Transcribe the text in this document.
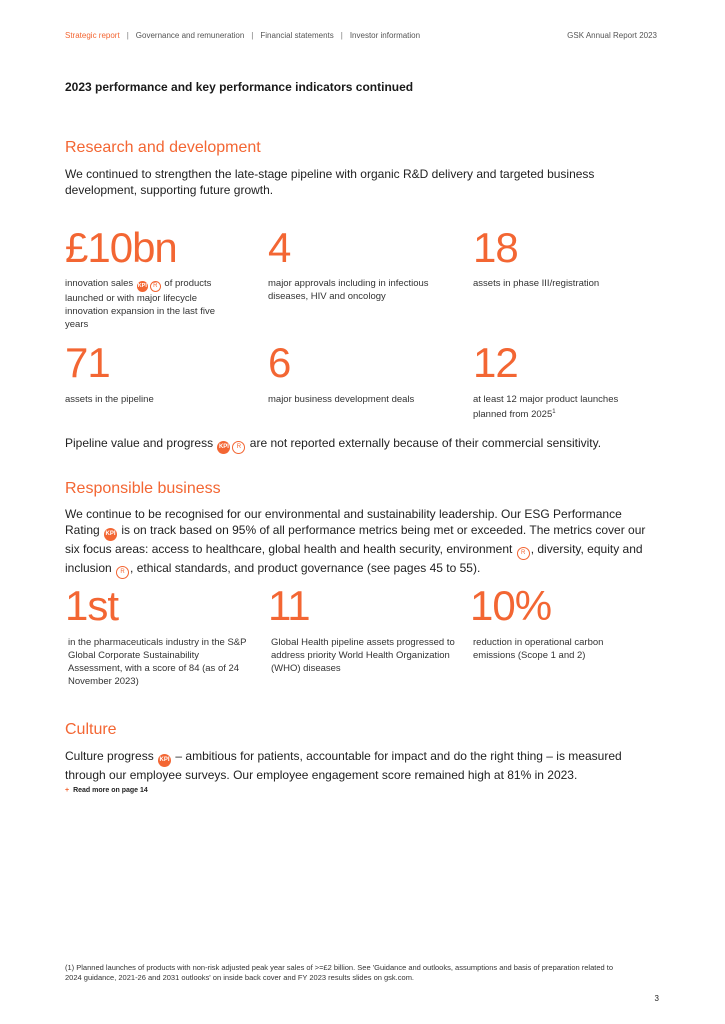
Strategic report | Governance and remuneration | Financial statements | Investor information	GSK Annual Report 2023
2023 performance and key performance indicators continued
Research and development
We continued to strengthen the late-stage pipeline with organic R&D delivery and targeted business development, supporting future growth.
£10bn
innovation sales KPI R of products launched or with major lifecycle innovation expansion in the last five years
4
major approvals including in infectious diseases, HIV and oncology
18
assets in phase III/registration
71
assets in the pipeline
6
major business development deals
12
at least 12 major product launches planned from 2025$^1$
Pipeline value and progress KPI R are not reported externally because of their commercial sensitivity.
Responsible business
We continue to be recognised for our environmental and sustainability leadership. Our ESG Performance Rating KPI is on track based on 95% of all performance metrics being met or exceeded. The metrics cover our six focus areas: access to healthcare, global health and health security, environment R , diversity, equity and inclusion R , ethical standards, and product governance (see pages 45 to 55).
1st
in the pharmaceuticals industry in the S&P Global Corporate Sustainability Assessment, with a score of 84 (as of 24 November 2023)
11
Global Health pipeline assets progressed to address priority World Health Organization (WHO) diseases
10%
reduction in operational carbon emissions (Scope 1 and 2)
Culture
Culture progress KPI – ambitious for patients, accountable for impact and do the right thing – is measured through our employee surveys. Our employee engagement score remained high at 81% in 2023.
+ Read more on page 14
(1) Planned launches of products with non-risk adjusted peak year sales of >=£2 billion. See 'Guidance and outlooks, assumptions and basis of preparation related to 2024 guidance, 2021-26 and 2031 outlooks' on inside back cover and FY 2023 results slides on gsk.com.
3
